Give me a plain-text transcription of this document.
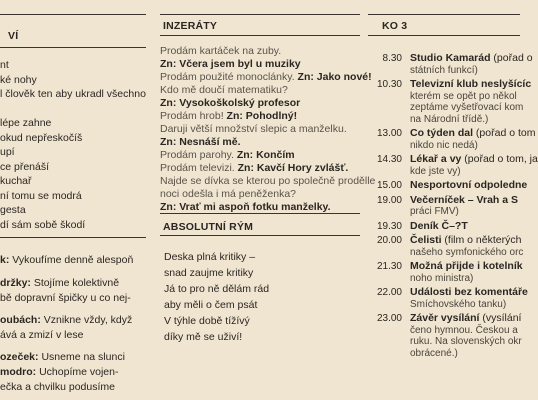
VÍ
nt
ké nohy
l člověk ten aby ukradl všechno
lépe zahne
okud nepřeskočíš
upí
ce přenáší
kuchař
ní tomu se modrá
gesta
dí sám sobě škodí
k: Vykoufíme denně alespoň
držky: Stojíme kolektivně
bě dopravní špičky u co nej-
oubách: Vznikne vždy, když
ává a zmizí v lese
ozeček: Usneme na slunci
modro: Uchopíme vojen-
ečka a chvilku podusíme
INZERÁTY
Prodám kartáček na zuby.
Zn: Včera jsem byl u muziky
Prodám použité monoclánky. Zn: Jako nové!
Kdo mě doučí matematiku?
Zn: Vysokoškolský profesor
Prodám hrob! Zn: Pohodlný!
Daruji větší množství slepic a manželku.
Zn: Nesnáší mě.
Prodám parohy. Zn: Končím
Prodám televizi. Zn: Kavčí Hory zvlášť.
Najde se dívka se kterou po společně prodělle
noci odešla i má peněženka?
Zn: Vrať mi aspoň fotku manželky.
ABSOLUTNÍ RÝM
Deska plná kritiky –
snad zaujme kritiky
Já to pro ně dělám rád
aby měli o čem psát
V týhle době tížívý
díky mě se uživí!
KO 3
8.30 Studio Kamarád (pořad o
státních funkcí)
10.30 Televizní klub neslyšícíc
kterém se opět po někol
zeptáme vyšetřovací kom
na Národní třídě.)
13.00 Co týden dal (pořad o tom
nikdo nic nedá)
14.30 Lékař a vy (pořad o tom, ja
kde jste vy)
15.00 Nesportovní odpoledne
19.00 Večerníček – Vrah a S
práci FMV)
19.30 Deník Č–?T
20.00 Čelisti (film o některých
našeho symfonického orc
21.30 Možná přijde i kotelník
noho ministra)
22.00 Události bez komentáře
Smíchovského tanku)
23.00 Závěr vysílání (vysílání
čeno hymnou. Českou a
ruku. Na slovenských okr
obrácené.)
